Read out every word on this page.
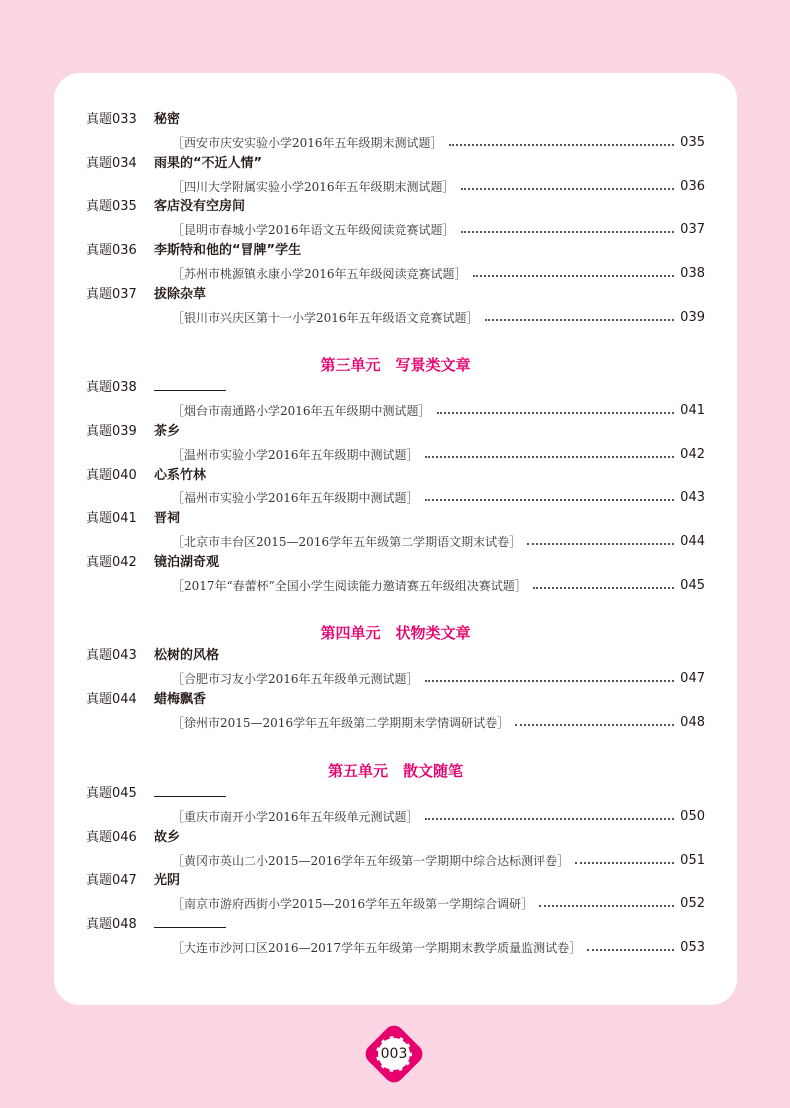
真题033 秘密
［西安市庆安实验小学2016年五年级期末测试题］	035
真题034 雨果的“不近人情”
［四川大学附属实验小学2016年五年级期末测试题］	036
真题035 客店没有空房间
［昆明市春城小学2016年语文五年级阅读竞赛试题］	037
真题036 李斯特和他的“冒牌”学生
［苏州市桃源镇永康小学2016年五年级阅读竞赛试题］	038
真题037 拔除杂草
［银川市兴庆区第十一小学2016年五年级语文竞赛试题］	039
第三单元　写景类文章
真题038
［烟台市南通路小学2016年五年级期中测试题］	041
真题039 茶乡
［温州市实验小学2016年五年级期中测试题］	042
真题040 心系竹林
［福州市实验小学2016年五年级期中测试题］	043
真题041 晋祠
［北京市丰台区2015—2016学年五年级第二学期语文期末试卷］	044
真题042 镜泊湖奇观
［2017年“春蕾杯”全国小学生阅读能力邀请赛五年级组决赛试题］	045
第四单元　状物类文章
真题043 松树的风格
［合肥市习友小学2016年五年级单元测试题］	047
真题044 蜡梅飘香
［徐州市2015—2016学年五年级第二学期期末学情调研试卷］	048
第五单元　散文随笔
真题045
［重庆市南开小学2016年五年级单元测试题］	050
真题046 故乡
［黄冈市英山二小2015—2016学年五年级第一学期期中综合达标测评卷］	051
真题047 光阴
［南京市游府西街小学2015—2016学年五年级第一学期综合调研］	052
真题048
［大连市沙河口区2016—2017学年五年级第一学期期末教学质量监测试卷］	053
003
